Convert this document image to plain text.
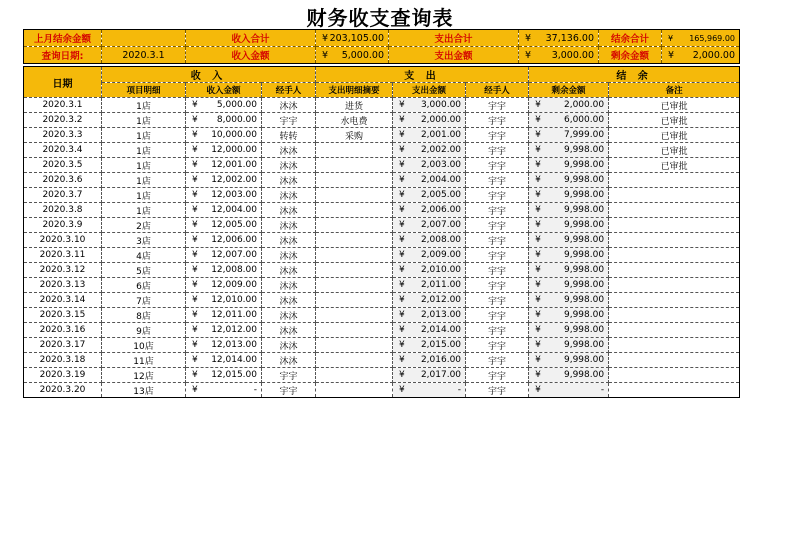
财务收支查询表
上月结余金额		收入合计	¥ 203,105.00	支出合计	¥ 37,136.00	结余合计	¥ 165,969.00

查询日期:	2020.3.1	收入金额	¥ 5,000.00	支出金额	¥ 3,000.00	剩余金额	¥ 2,000.00
日期	收 入			支 出			结 余	
	项目明细	收入金额	经手人	支出明细摘要	支出金额	经手人	剩余金额	备注
2020.3.1	1店	¥ 5,000.00	沐沐	进货	¥ 3,000.00	宇宇	¥ 2,000.00	已审批
2020.3.2	1店	¥ 8,000.00	宇宇	水电费	¥ 2,000.00	宇宇	¥ 6,000.00	已审批
2020.3.3	1店	¥ 10,000.00	转转	采购	¥ 2,001.00	宇宇	¥ 7,999.00	已审批
2020.3.4	1店	¥ 12,000.00	沐沐		¥ 2,002.00	宇宇	¥ 9,998.00	已审批
2020.3.5	1店	¥ 12,001.00	沐沐		¥ 2,003.00	宇宇	¥ 9,998.00	已审批
2020.3.6	1店	¥ 12,002.00	沐沐		¥ 2,004.00	宇宇	¥ 9,998.00	

2020.3.7	1店	¥ 12,003.00	沐沐		¥ 2,005.00	宇宇	¥ 9,998.00	

2020.3.8	1店	¥ 12,004.00	沐沐		¥ 2,006.00	宇宇	¥ 9,998.00	

2020.3.9	2店	¥ 12,005.00	沐沐		¥ 2,007.00	宇宇	¥ 9,998.00	

2020.3.10	3店	¥ 12,006.00	沐沐		¥ 2,008.00	宇宇	¥ 9,998.00	

2020.3.11	4店	¥ 12,007.00	沐沐		¥ 2,009.00	宇宇	¥ 9,998.00	

2020.3.12	5店	¥ 12,008.00	沐沐		¥ 2,010.00	宇宇	¥ 9,998.00	

2020.3.13	6店	¥ 12,009.00	沐沐		¥ 2,011.00	宇宇	¥ 9,998.00	

2020.3.14	7店	¥ 12,010.00	沐沐		¥ 2,012.00	宇宇	¥ 9,998.00	

2020.3.15	8店	¥ 12,011.00	沐沐		¥ 2,013.00	宇宇	¥ 9,998.00	

2020.3.16	9店	¥ 12,012.00	沐沐		¥ 2,014.00	宇宇	¥ 9,998.00	

2020.3.17	10店	¥ 12,013.00	沐沐		¥ 2,015.00	宇宇	¥ 9,998.00	

2020.3.18	11店	¥ 12,014.00	沐沐		¥ 2,016.00	宇宇	¥ 9,998.00	

2020.3.19	12店	¥ 12,015.00	宇宇		¥ 2,017.00	宇宇	¥ 9,998.00	

2020.3.20	13店	¥ -	宇宇		¥ -	宇宇	¥ -	
